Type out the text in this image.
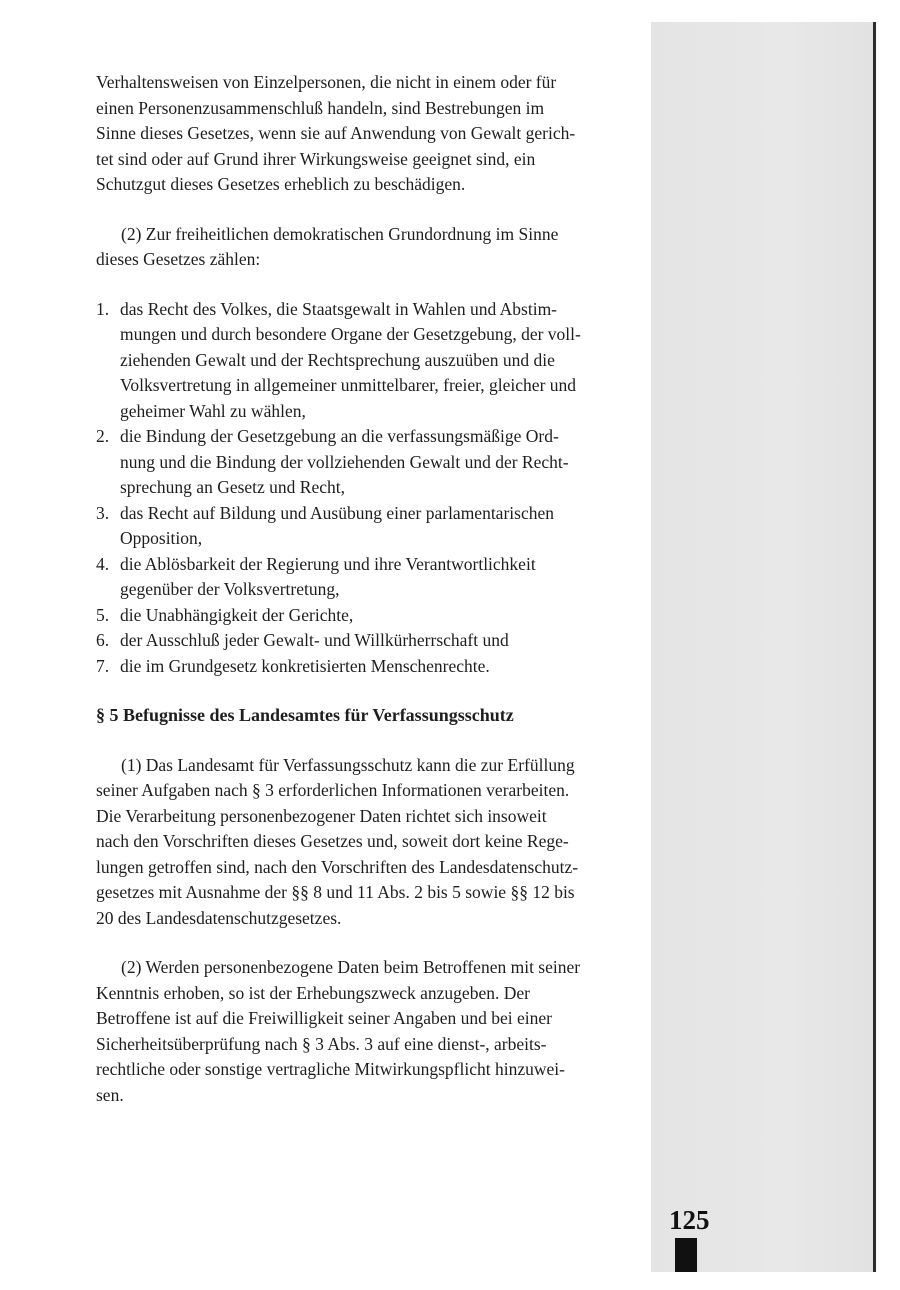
Verhaltensweisen von Einzelpersonen, die nicht in einem oder für
einen Personenzusammenschluß handeln, sind Bestrebungen im
Sinne dieses Gesetzes, wenn sie auf Anwendung von Gewalt gerich-
tet sind oder auf Grund ihrer Wirkungsweise geeignet sind, ein
Schutzgut dieses Gesetzes erheblich zu beschädigen.

(2) Zur freiheitlichen demokratischen Grundordnung im Sinne
dieses Gesetzes zählen:

1. das Recht des Volkes, die Staatsgewalt in Wahlen und Abstim-
mungen und durch besondere Organe der Gesetzgebung, der voll-
ziehenden Gewalt und der Rechtsprechung auszuüben und die
Volksvertretung in allgemeiner unmittelbarer, freier, gleicher und
geheimer Wahl zu wählen,
2. die Bindung der Gesetzgebung an die verfassungsmäßige Ord-
nung und die Bindung der vollziehenden Gewalt und der Recht-
sprechung an Gesetz und Recht,
3. das Recht auf Bildung und Ausübung einer parlamentarischen
Opposition,
4. die Ablösbarkeit der Regierung und ihre Verantwortlichkeit
gegenüber der Volksvertretung,
5. die Unabhängigkeit der Gerichte,
6. der Ausschluß jeder Gewalt- und Willkürherrschaft und
7. die im Grundgesetz konkretisierten Menschenrechte.

§ 5 Befugnisse des Landesamtes für Verfassungsschutz

(1) Das Landesamt für Verfassungsschutz kann die zur Erfüllung
seiner Aufgaben nach § 3 erforderlichen Informationen verarbeiten.
Die Verarbeitung personenbezogener Daten richtet sich insoweit
nach den Vorschriften dieses Gesetzes und, soweit dort keine Rege-
lungen getroffen sind, nach den Vorschriften des Landesdatenschutz-
gesetzes mit Ausnahme der §§ 8 und 11 Abs. 2 bis 5 sowie §§ 12 bis
20 des Landesdatenschutzgesetzes.

(2) Werden personenbezogene Daten beim Betroffenen mit seiner
Kenntnis erhoben, so ist der Erhebungszweck anzugeben. Der
Betroffene ist auf die Freiwilligkeit seiner Angaben und bei einer
Sicherheitsüberprüfung nach § 3 Abs. 3 auf eine dienst-, arbeits-
rechtliche oder sonstige vertragliche Mitwirkungspflicht hinzuwei-
sen.

125
